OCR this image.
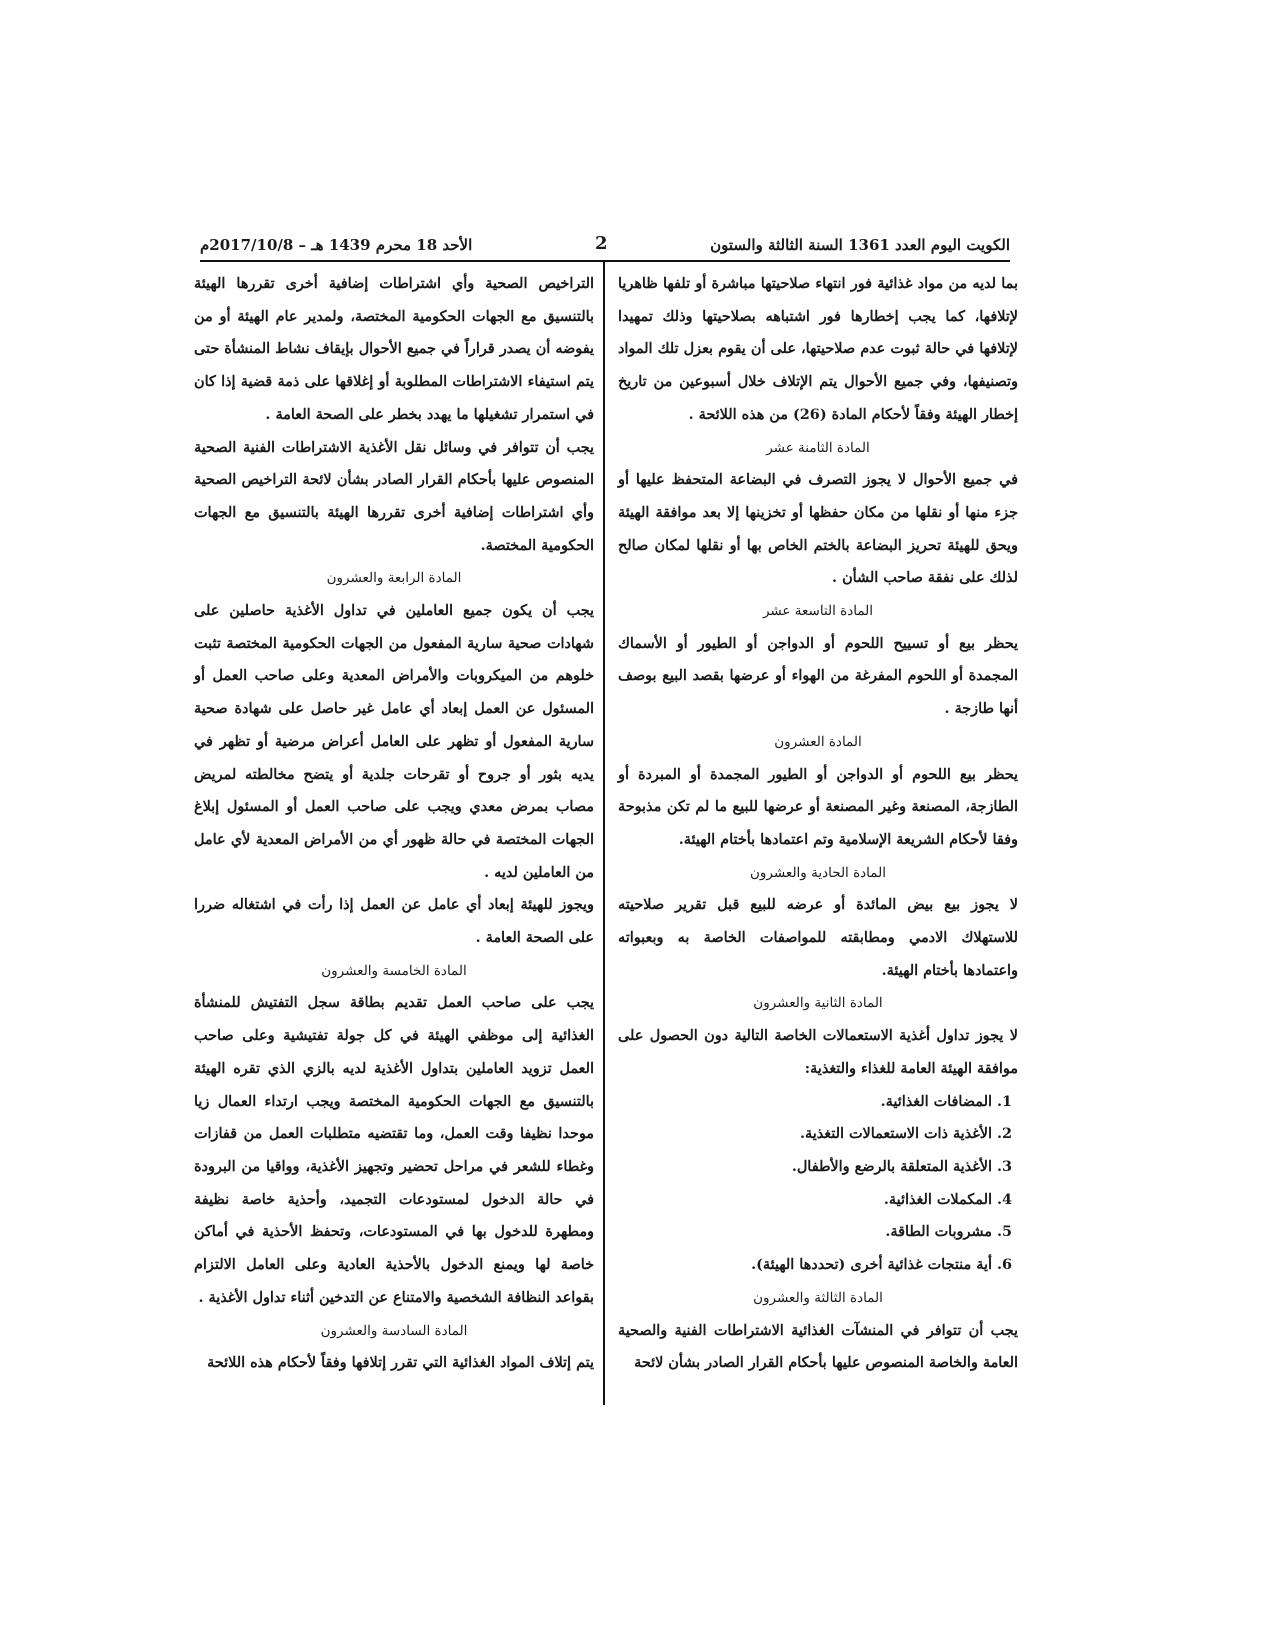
الأحد 18 محرم 1439 هـ – 2017/10/8م	2	الكويت اليوم العدد 1361 السنة الثالثة والستون

بما لديه من مواد غذائية فور انتهاء صلاحيتها مباشرة أو تلفها ظاهريا لإتلافها، كما يجب إخطارها فور اشتباهه بصلاحيتها وذلك تمهيدا لإتلافها في حالة ثبوت عدم صلاحيتها، على أن يقوم بعزل تلك المواد وتصنيفها، وفي جميع الأحوال يتم الإتلاف خلال أسبوعين من تاريخ إخطار الهيئة وفقاً لأحكام المادة (26) من هذه اللائحة .

المادة الثامنة عشر

في جميع الأحوال لا يجوز التصرف في البضاعة المتحفظ عليها أو جزء منها أو نقلها من مكان حفظها أو تخزينها إلا بعد موافقة الهيئة ويحق للهيئة تحريز البضاعة بالختم الخاص بها أو نقلها لمكان صالح لذلك على نفقة صاحب الشأن .

المادة التاسعة عشر

يحظر بيع أو تسييح اللحوم أو الدواجن أو الطيور أو الأسماك المجمدة أو اللحوم المفرغة من الهواء أو عرضها بقصد البيع بوصف أنها طازجة .

المادة العشرون

يحظر بيع اللحوم أو الدواجن أو الطيور المجمدة أو المبردة أو الطازجة، المصنعة وغير المصنعة أو عرضها للبيع ما لم تكن مذبوحة وفقا لأحكام الشريعة الإسلامية وتم اعتمادها بأختام الهيئة.

المادة الحادية والعشرون

لا يجوز بيع بيض المائدة أو عرضه للبيع قبل تقرير صلاحيته للاستهلاك الادمي ومطابقته للمواصفات الخاصة به وبعبواته واعتمادها بأختام الهيئة.

المادة الثانية والعشرون

لا يجوز تداول أغذية الاستعمالات الخاصة التالية دون الحصول على موافقة الهيئة العامة للغذاء والتغذية:

1. المضافات الغذائية.

2. الأغذية ذات الاستعمالات التغذية.

3. الأغذية المتعلقة بالرضع والأطفال.

4. المكملات الغذائية.

5. مشروبات الطاقة.

6. أية منتجات غذائية أخرى (تحددها الهيئة).

المادة الثالثة والعشرون

يجب أن تتوافر في المنشآت الغذائية الاشتراطات الفنية والصحية العامة والخاصة المنصوص عليها بأحكام القرار الصادر بشأن لائحة

التراخيص الصحية وأي اشتراطات إضافية أخرى تقررها الهيئة بالتنسيق مع الجهات الحكومية المختصة، ولمدير عام الهيئة أو من يفوضه أن يصدر قراراً في جميع الأحوال بإيقاف نشاط المنشأة حتى يتم استيفاء الاشتراطات المطلوبة أو إغلاقها على ذمة قضية إذا كان في استمرار تشغيلها ما يهدد بخطر على الصحة العامة .

يجب أن تتوافر في وسائل نقل الأغذية الاشتراطات الفنية الصحية المنصوص عليها بأحكام القرار الصادر بشأن لائحة التراخيص الصحية وأي اشتراطات إضافية أخرى تقررها الهيئة بالتنسيق مع الجهات الحكومية المختصة.

المادة الرابعة والعشرون

يجب أن يكون جميع العاملين في تداول الأغذية حاصلين على شهادات صحية سارية المفعول من الجهات الحكومية المختصة تثبت خلوهم من الميكروبات والأمراض المعدية وعلى صاحب العمل أو المسئول عن العمل إبعاد أي عامل غير حاصل على شهادة صحية سارية المفعول أو تظهر على العامل أعراض مرضية أو تظهر في يديه بثور أو جروح أو تقرحات جلدية أو يتضح مخالطته لمريض مصاب بمرض معدي ويجب على صاحب العمل أو المسئول إبلاغ الجهات المختصة في حالة ظهور أي من الأمراض المعدية لأي عامل من العاملين لديه .

ويجوز للهيئة إبعاد أي عامل عن العمل إذا رأت في اشتغاله ضررا على الصحة العامة .

المادة الخامسة والعشرون

يجب على صاحب العمل تقديم بطاقة سجل التفتيش للمنشأة الغذائية إلى موظفي الهيئة في كل جولة تفتيشية وعلى صاحب العمل تزويد العاملين بتداول الأغذية لديه بالزي الذي تقره الهيئة بالتنسيق مع الجهات الحكومية المختصة ويجب ارتداء العمال زيا موحدا نظيفا وقت العمل، وما تقتضيه متطلبات العمل من قفازات وغطاء للشعر في مراحل تحضير وتجهيز الأغذية، وواقيا من البرودة في حالة الدخول لمستودعات التجميد، وأحذية خاصة نظيفة ومطهرة للدخول بها في المستودعات، وتحفظ الأحذية في أماكن خاصة لها ويمنع الدخول بالأحذية العادية وعلى العامل الالتزام بقواعد النظافة الشخصية والامتناع عن التدخين أثناء تداول الأغذية .

المادة السادسة والعشرون

يتم إتلاف المواد الغذائية التي تقرر إتلافها وفقاً لأحكام هذه اللائحة
